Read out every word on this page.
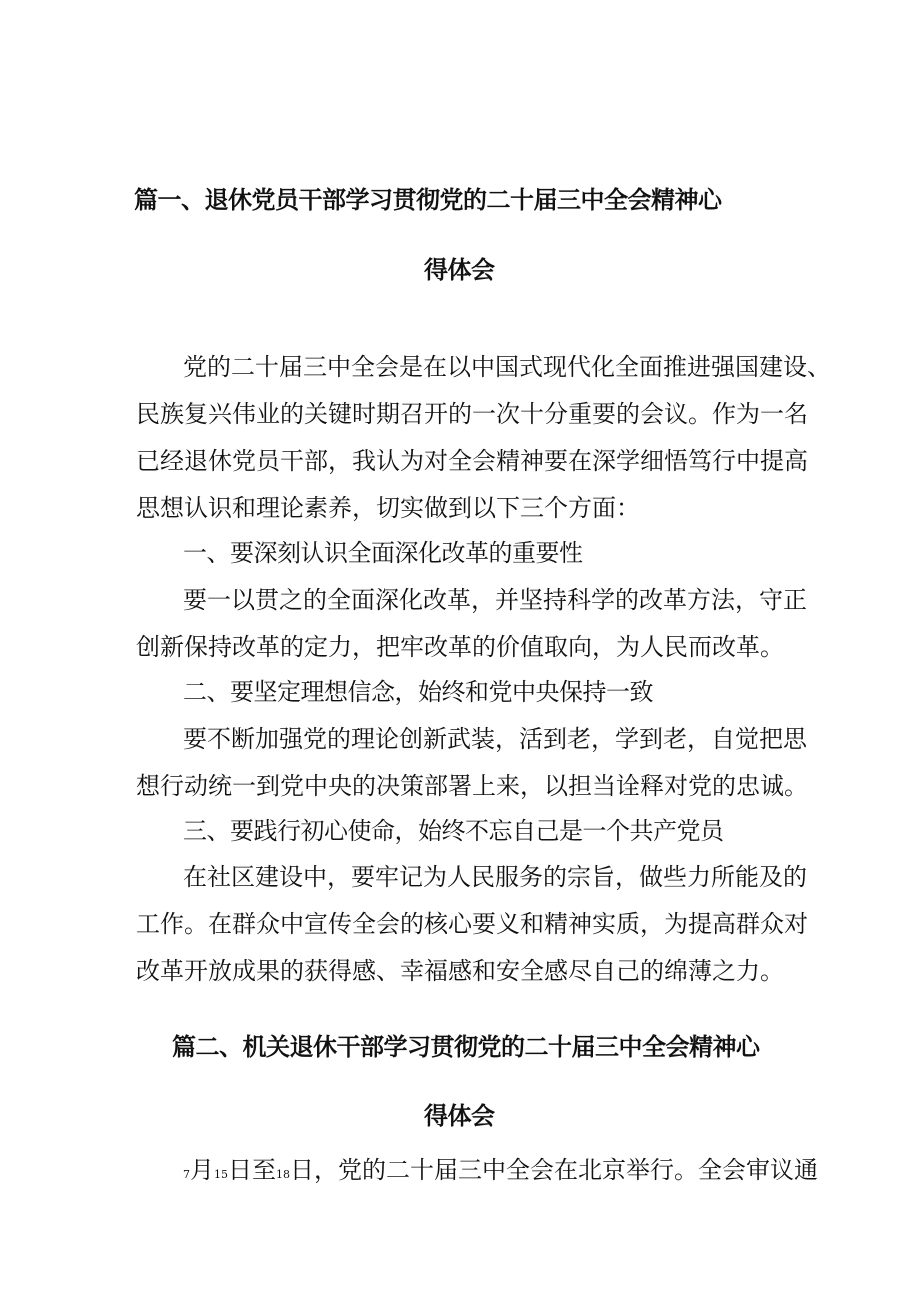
篇一、退休党员干部学习贯彻党的二十届三中全会精神心
得体会
党的二十届三中全会是在以中国式现代化全面推进强国建设、
民族复兴伟业的关键时期召开的一次十分重要的会议。作为一名
已经退休党员干部，我认为对全会精神要在深学细悟笃行中提高
思想认识和理论素养，切实做到以下三个方面：
一、要深刻认识全面深化改革的重要性
要一以贯之的全面深化改革，并坚持科学的改革方法，守正
创新保持改革的定力，把牢改革的价值取向，为人民而改革。
二、要坚定理想信念，始终和党中央保持一致
要不断加强党的理论创新武装，活到老，学到老，自觉把思
想行动统一到党中央的决策部署上来，以担当诠释对党的忠诚。
三、要践行初心使命，始终不忘自己是一个共产党员
在社区建设中，要牢记为人民服务的宗旨，做些力所能及的
工作。在群众中宣传全会的核心要义和精神实质，为提高群众对
改革开放成果的获得感、幸福感和安全感尽自己的绵薄之力。
篇二、机关退休干部学习贯彻党的二十届三中全会精神心
得体会
7月15日至18日，党的二十届三中全会在北京举行。全会审议通
